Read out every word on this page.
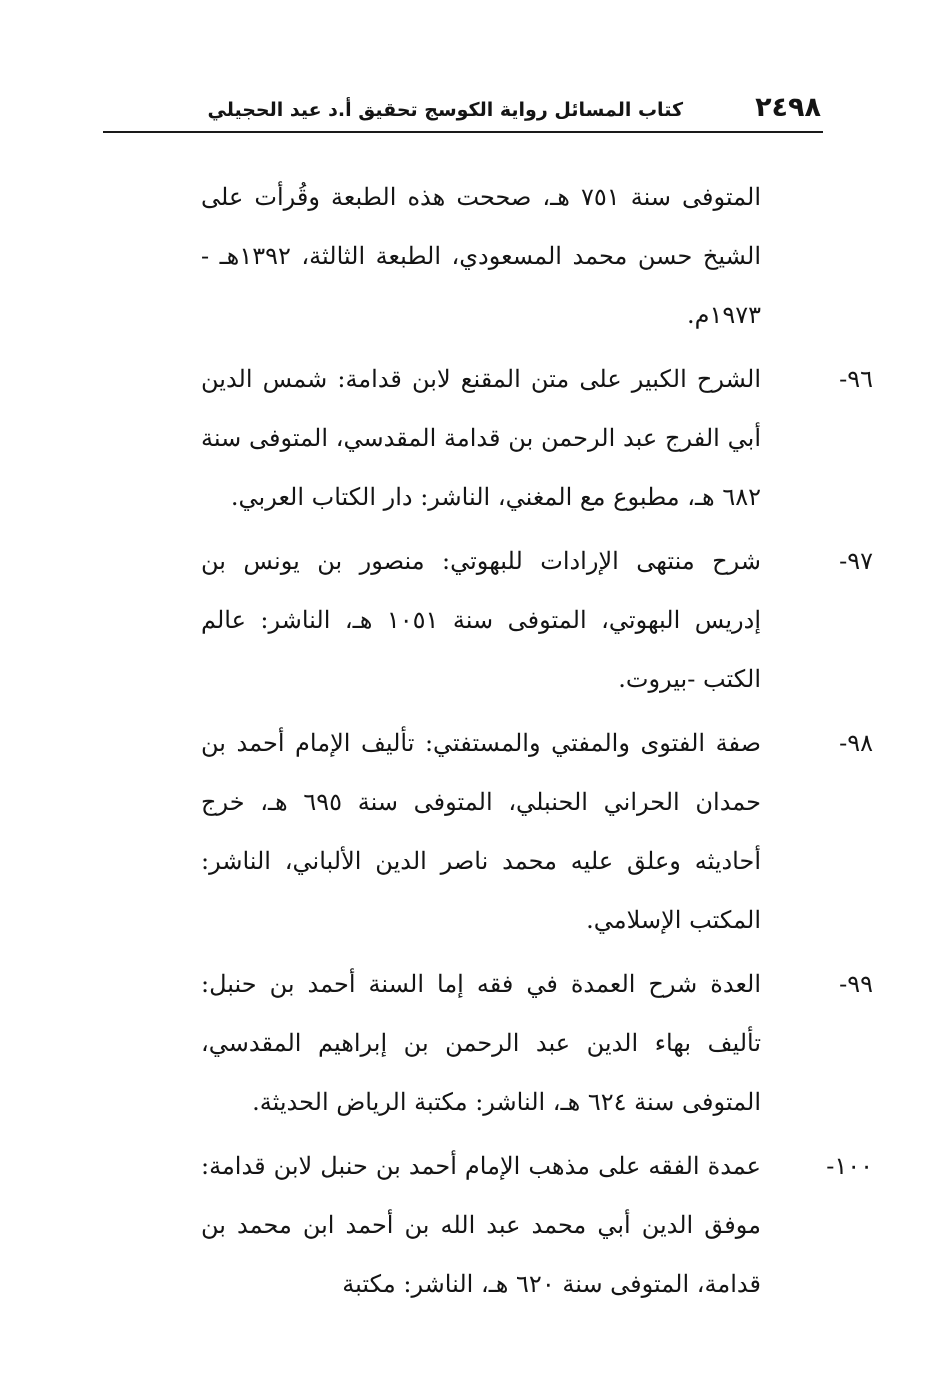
٢٤٩٨
كتاب المسائل رواية الكوسج تحقيق أ.د عيد الحجيلي
المتوفى سنة ٧٥١ هـ، صححت هذه الطبعة وقُرأت على الشيخ حسن محمد المسعودي، الطبعة الثالثة، ١٣٩٢هـ - ١٩٧٣م.
٩٦-
الشرح الكبير على متن المقنع لابن قدامة: شمس الدين أبي الفرج عبد الرحمن بن قدامة المقدسي، المتوفى سنة ٦٨٢ هـ، مطبوع مع المغني، الناشر: دار الكتاب العربي.
٩٧-
شرح منتهى الإرادات للبهوتي: منصور بن يونس بن إدريس البهوتي، المتوفى سنة ١٠٥١ هـ، الناشر: عالم الكتب -بيروت.
٩٨-
صفة الفتوى والمفتي والمستفتي: تأليف الإمام أحمد بن حمدان الحراني الحنبلي، المتوفى سنة ٦٩٥ هـ، خرج أحاديثه وعلق عليه محمد ناصر الدين الألباني، الناشر: المكتب الإسلامي.
٩٩-
العدة شرح العمدة في فقه إما السنة أحمد بن حنبل: تأليف بهاء الدين عبد الرحمن بن إبراهيم المقدسي، المتوفى سنة ٦٢٤ هـ، الناشر: مكتبة الرياض الحديثة.
١٠٠-
عمدة الفقه على مذهب الإمام أحمد بن حنبل لابن قدامة: موفق الدين أبي محمد عبد الله بن أحمد ابن محمد بن قدامة، المتوفى سنة ٦٢٠ هـ، الناشر: مكتبة
